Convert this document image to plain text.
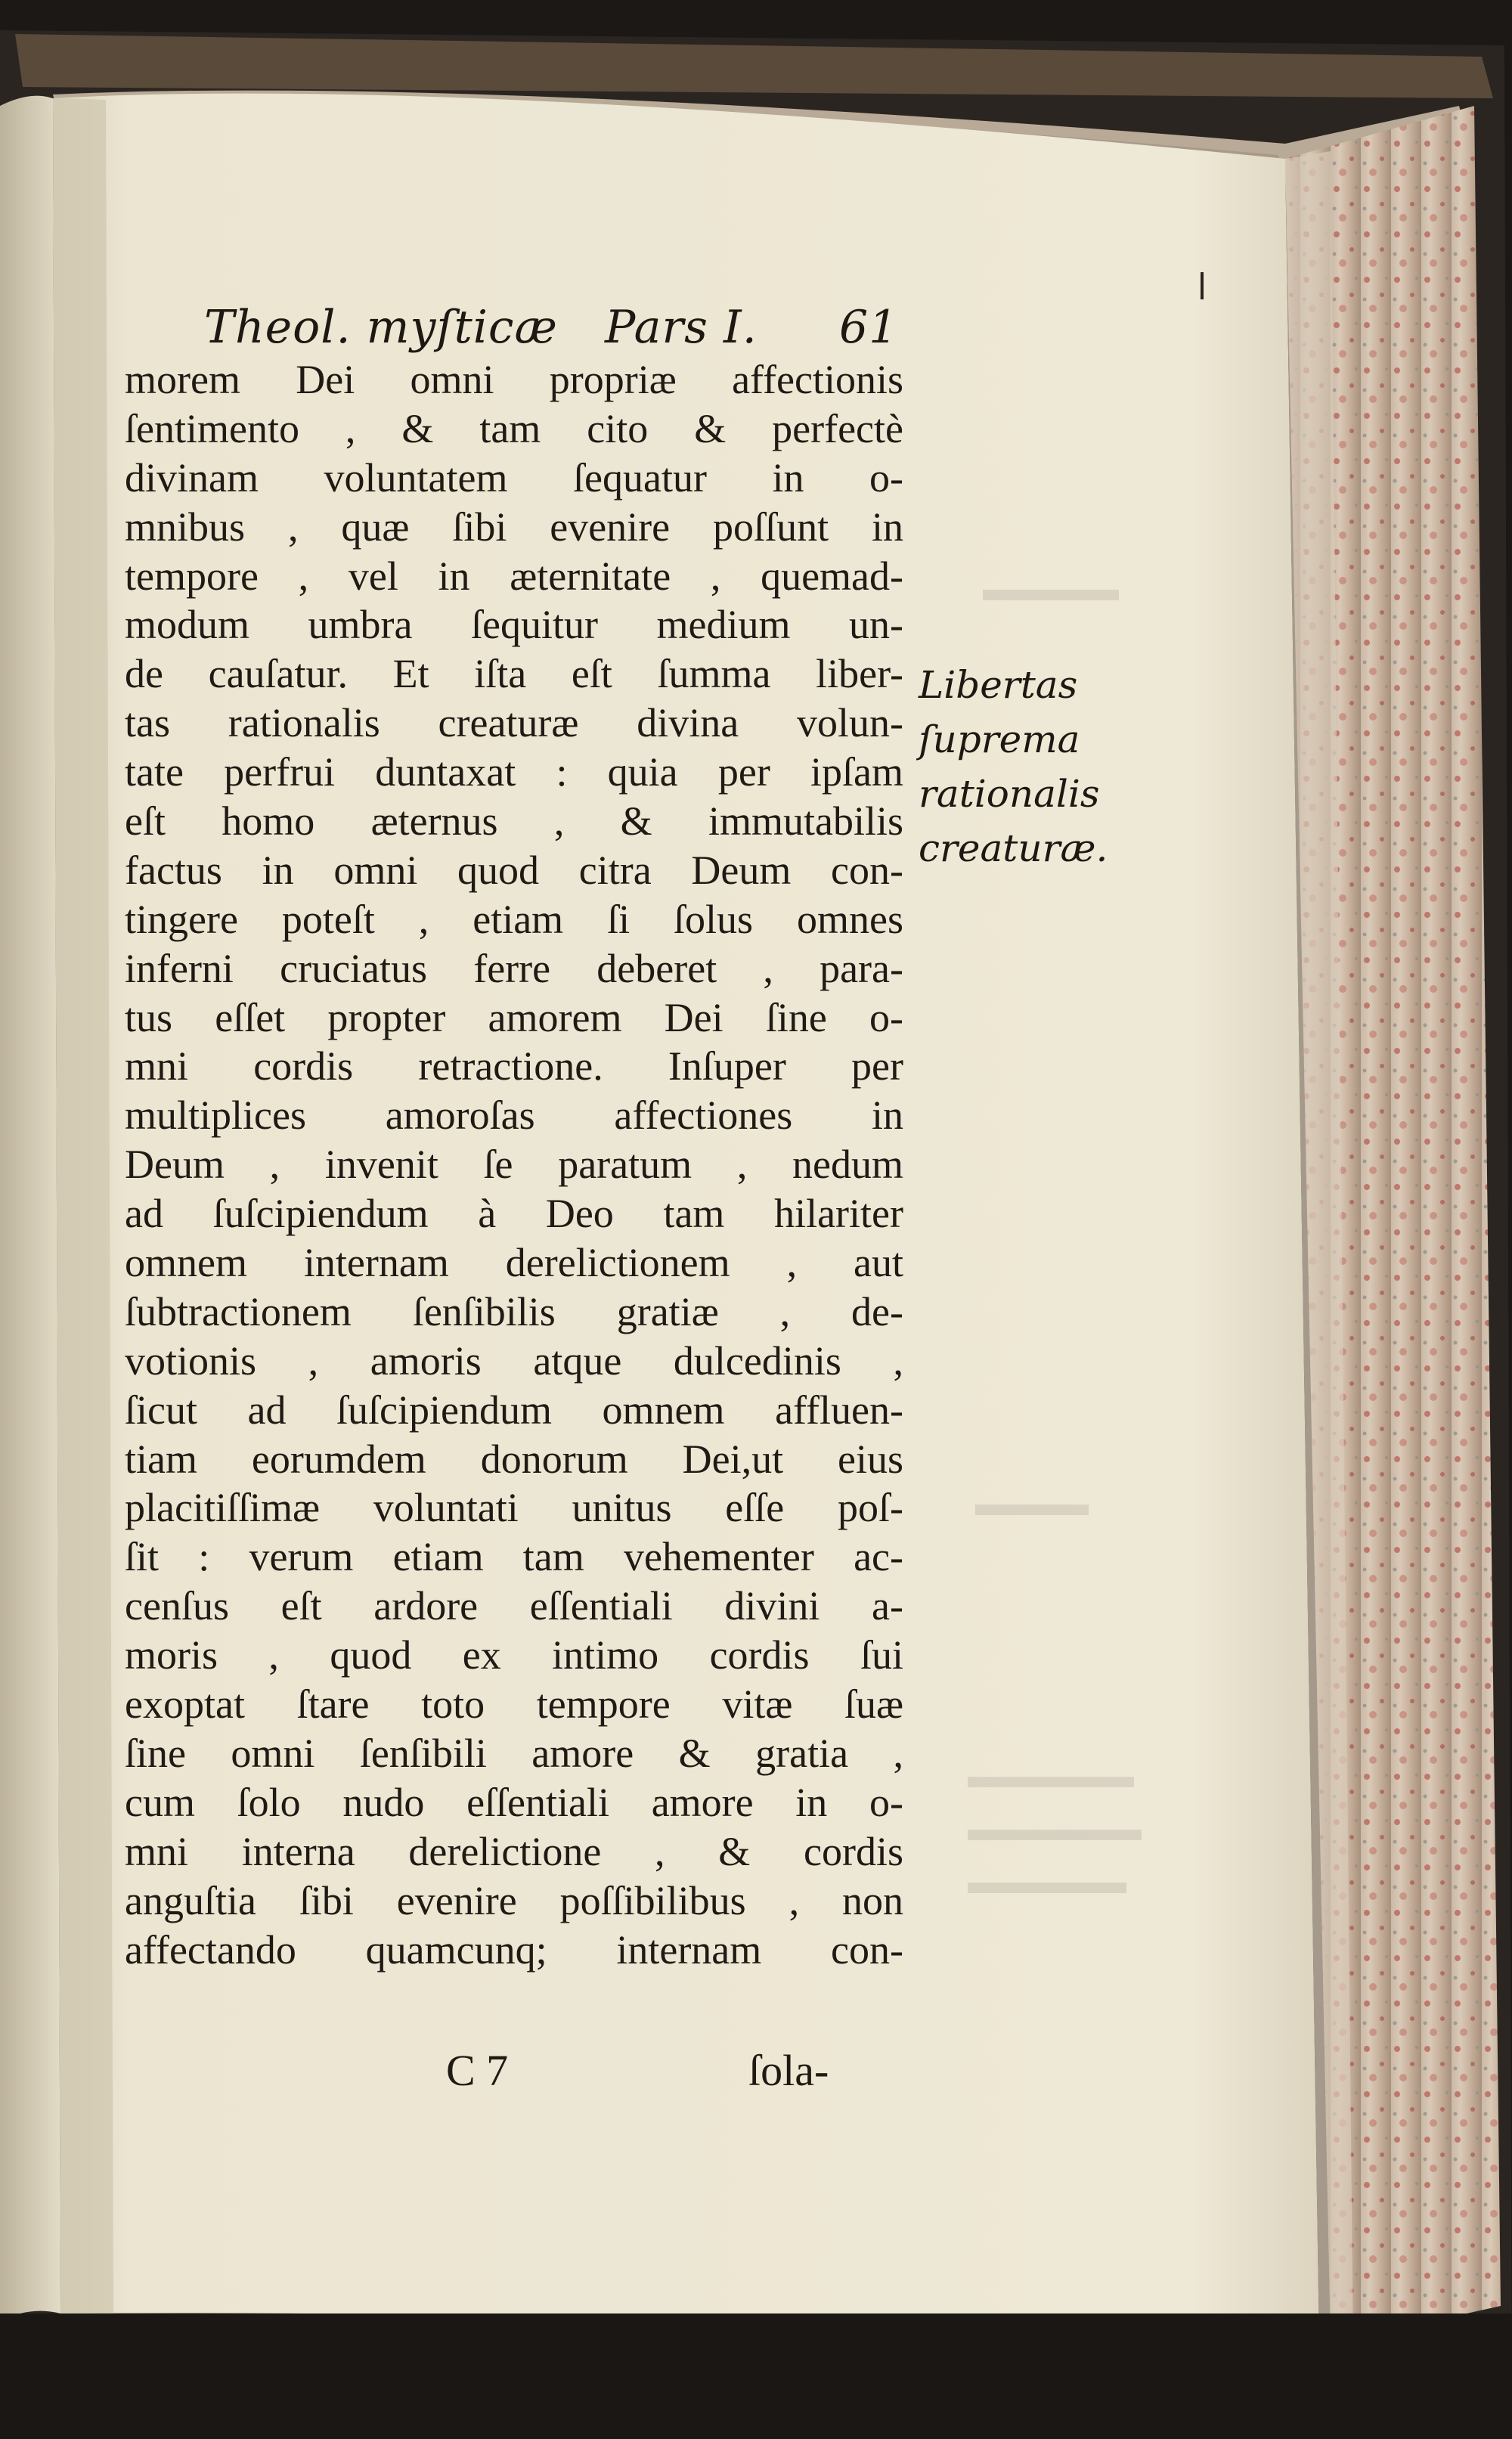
Theol. myſticæ Pars I. 61
morem Dei omni propriæ affectionis
ſentimento , & tam cito & perfectè
divinam voluntatem ſequatur in o-
mnibus , quæ ſibi evenire poſſunt in
tempore , vel in æternitate , quemad-
modum umbra ſequitur medium un-
de cauſatur. Et iſta eſt ſumma liber-
tas rationalis creaturæ divina volun-
tate perfrui duntaxat : quia per ipſam
eſt homo æternus , & immutabilis
factus in omni quod citra Deum con-
tingere poteſt , etiam ſi ſolus omnes
inferni cruciatus ferre deberet , para-
tus eſſet propter amorem Dei ſine o-
mni cordis retractione. Inſuper per
multiplices amoroſas affectiones in
Deum , invenit ſe paratum , nedum
ad ſuſcipiendum à Deo tam hilariter
omnem internam derelictionem , aut
ſubtractionem ſenſibilis gratiæ , de-
votionis , amoris atque dulcedinis ,
ſicut ad ſuſcipiendum omnem affluen-
tiam eorumdem donorum Dei,ut eius
placitiſſimæ voluntati unitus eſſe poſ-
ſit : verum etiam tam vehementer ac-
cenſus eſt ardore eſſentiali divini a-
moris , quod ex intimo cordis ſui
exoptat ſtare toto tempore vitæ ſuæ
ſine omni ſenſibili amore & gratia ,
cum ſolo nudo eſſentiali amore in o-
mni interna derelictione , & cordis
anguſtia ſibi evenire poſſibilibus , non
affectando quamcunq; internam con-
C 7	ſola-
Libertas
ſuprema
rationalis
creaturæ.
